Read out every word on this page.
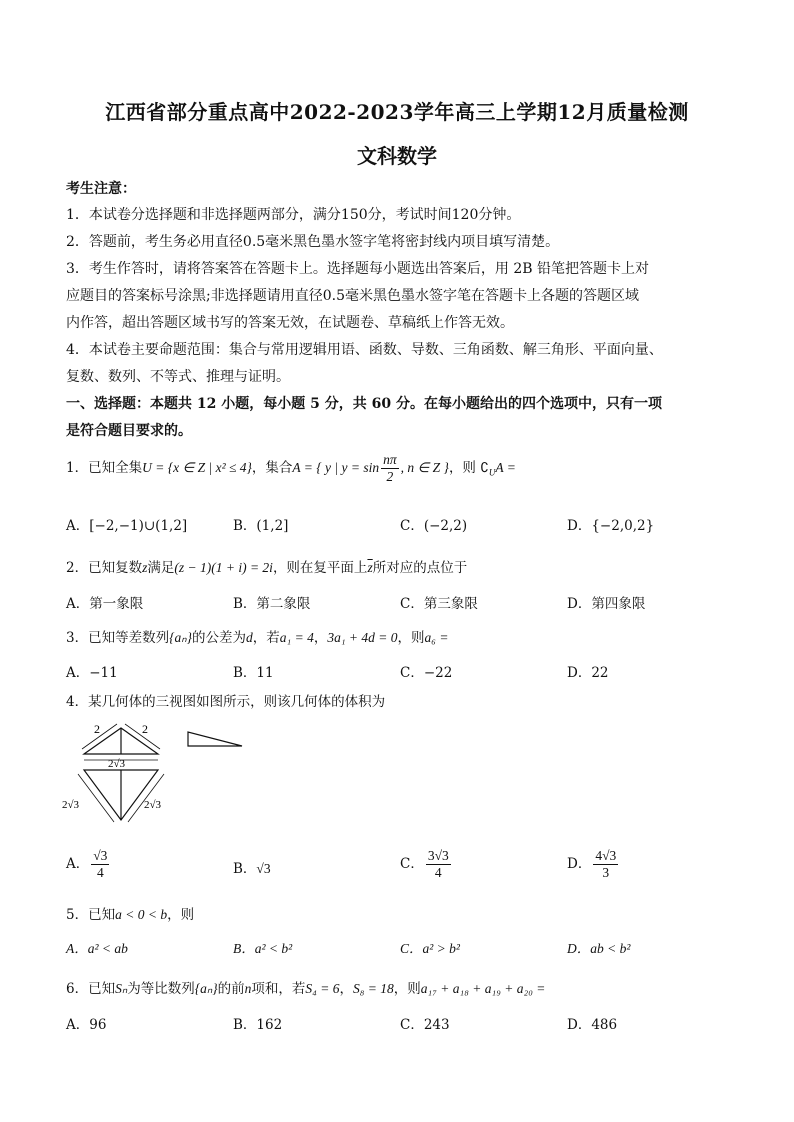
江西省部分重点高中2022-2023学年高三上学期12月质量检测
文科数学
考生注意：
1．本试卷分选择题和非选择题两部分，满分150分，考试时间120分钟。
2．答题前，考生务必用直径0.5毫米黑色墨水签字笔将密封线内项目填写清楚。
3．考生作答时，请将答案答在答题卡上。选择题每小题选出答案后，用 2B 铅笔把答题卡上对
应题目的答案标号涂黑;非选择题请用直径0.5毫米黑色墨水签字笔在答题卡上各题的答题区域
内作答，超出答题区域书写的答案无效，在试题卷、草稿纸上作答无效。
4．本试卷主要命题范围：集合与常用逻辑用语、函数、导数、三角函数、解三角形、平面向量、
复数、数列、不等式、推理与证明。
一、选择题：本题共 12 小题，每小题 5 分，共 60 分。在每小题给出的四个选项中，只有一项
是符合题目要求的。
1．已知全集U = {x ∈ Z | x² ≤ 4}，集合A = { y | $y = \sin \frac{n\pi}{2}$ , n ∈ Z }，则 $∁_UA$ =
A．[−2,−1)∪(1,2]	B．(1,2]	C．(−2,2)	D．{−2,0,2}
2．已知复数z满足(z − 1)(1 + i) = 2i，则在复平面上$\overline{z}$所对应的点位于
A．第一象限	B．第二象限	C．第三象限	D．第四象限
3．已知等差数列{aₙ}的公差为d，若a₁ = 4，3a₁ + 4d = 0，则a₆ =
A．−11	B．11	C．−22	D．22
4．某几何体的三视图如图所示，则该几何体的体积为
2	2
2√3
2√3	2√3
A． $\frac{√3}{4}$	B．√3	C． $\frac{3√3}{4}$	D． $\frac{4√3}{3}$
5．已知a < 0 < b，则
A．a² < ab	B．a² < b²	C．a² > b²	D．ab < b²
6．已知Sₙ为等比数列{aₙ}的前n项和，若S₄ = 6，S₈ = 18，则a₁₇ + a₁₈ + a₁₉ + a₂₀ =
A．96	B．162	C．243	D．486
